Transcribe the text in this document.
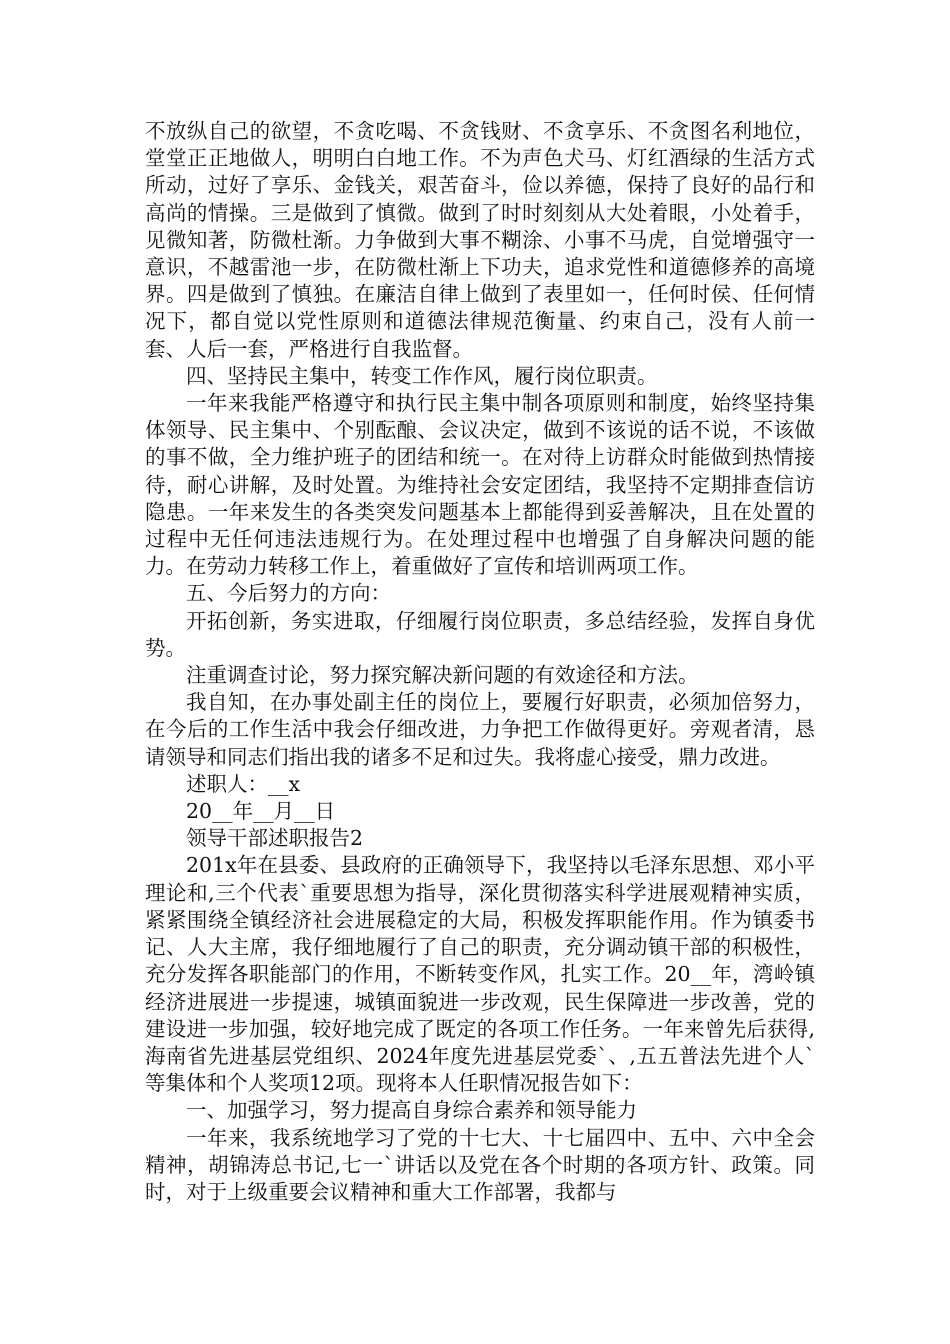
不放纵自己的欲望，不贪吃喝、不贪钱财、不贪享乐、不贪图名利地位，堂堂正正地做人，明明白白地工作。不为声色犬马、灯红酒绿的生活方式所动，过好了享乐、金钱关，艰苦奋斗，俭以养德，保持了良好的品行和高尚的情操。三是做到了慎微。做到了时时刻刻从大处着眼，小处着手，见微知著，防微杜渐。力争做到大事不糊涂、小事不马虎，自觉增强守一意识，不越雷池一步，在防微杜渐上下功夫，追求党性和道德修养的高境界。四是做到了慎独。在廉洁自律上做到了表里如一，任何时侯、任何情况下，都自觉以党性原则和道德法律规范衡量、约束自己，没有人前一套、人后一套，严格进行自我监督。

四、坚持民主集中，转变工作作风，履行岗位职责。

一年来我能严格遵守和执行民主集中制各项原则和制度，始终坚持集体领导、民主集中、个别酝酿、会议决定，做到不该说的话不说，不该做的事不做，全力维护班子的团结和统一。在对待上访群众时能做到热情接待，耐心讲解，及时处置。为维持社会安定团结，我坚持不定期排查信访隐患。一年来发生的各类突发问题基本上都能得到妥善解决，且在处置的过程中无任何违法违规行为。在处理过程中也增强了自身解决问题的能力。在劳动力转移工作上，着重做好了宣传和培训两项工作。

五、今后努力的方向：

开拓创新，务实进取，仔细履行岗位职责，多总结经验，发挥自身优势。

注重调查讨论，努力探究解决新问题的有效途径和方法。

我自知，在办事处副主任的岗位上，要履行好职责，必须加倍努力，在今后的工作生活中我会仔细改进，力争把工作做得更好。旁观者清，恳请领导和同志们指出我的诸多不足和过失。我将虚心接受，鼎力改进。

述职人：__x

20__年__月__日

领导干部述职报告2

201x年在县委、县政府的正确领导下，我坚持以毛泽东思想、邓小平理论和,三个代表`重要思想为指导，深化贯彻落实科学进展观精神实质，紧紧围绕全镇经济社会进展稳定的大局，积极发挥职能作用。作为镇委书记、人大主席，我仔细地履行了自己的职责，充分调动镇干部的积极性，充分发挥各职能部门的作用，不断转变作风，扎实工作。20__年，湾岭镇经济进展进一步提速，城镇面貌进一步改观，民生保障进一步改善，党的建设进一步加强，较好地完成了既定的各项工作任务。一年来曾先后获得,海南省先进基层党组织、2024年度先进基层党委`、,五五普法先进个人`等集体和个人奖项12项。现将本人任职情况报告如下：

一、加强学习，努力提高自身综合素养和领导能力

一年来，我系统地学习了党的十七大、十七届四中、五中、六中全会精神，胡锦涛总书记,七一`讲话以及党在各个时期的各项方针、政策。同时，对于上级重要会议精神和重大工作部署，我都与
